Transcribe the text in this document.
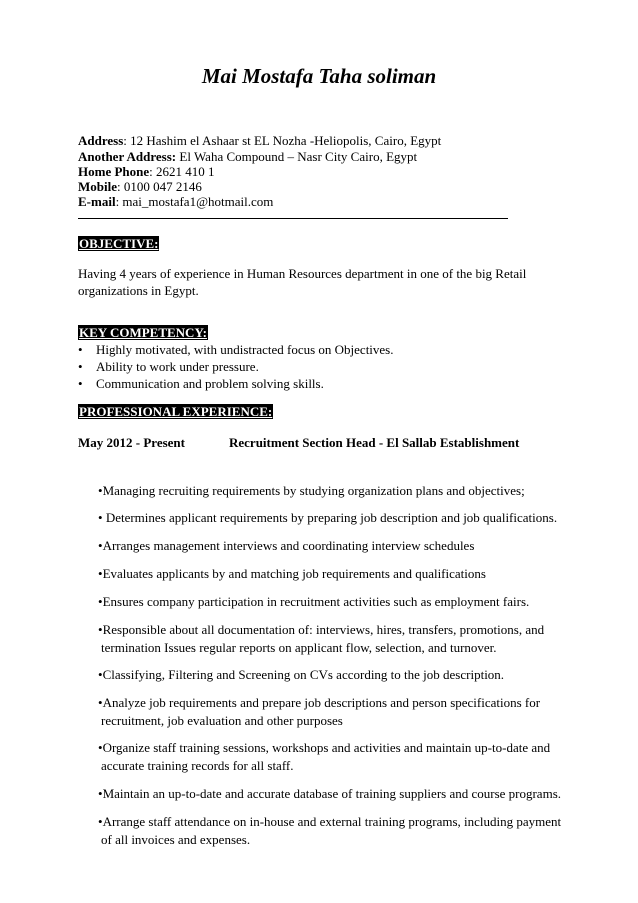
Mai Mostafa Taha soliman
Address: 12 Hashim el Ashaar st EL Nozha -Heliopolis, Cairo, Egypt
Another Address: El Waha Compound – Nasr City Cairo, Egypt
Home Phone: 2621 410 1
Mobile: 0100 047 2146
E-mail: mai_mostafa1@hotmail.com
OBJECTIVE:
Having 4 years of experience in Human Resources department in one of the big Retail
organizations in Egypt.
KEY COMPETENCY:
• Highly motivated, with undistracted focus on Objectives.
• Ability to work under pressure.
• Communication and problem solving skills.
PROFESSIONAL EXPERIENCE:
May 2012 - Present	Recruitment Section Head - El Sallab Establishment
•Managing recruiting requirements by studying organization plans and objectives;
• Determines applicant requirements by preparing job description and job qualifications.
•Arranges management interviews and coordinating interview schedules
•Evaluates applicants by and matching job requirements and qualifications
•Ensures company participation in recruitment activities such as employment fairs.
•Responsible about all documentation of: interviews, hires, transfers, promotions, and
termination Issues regular reports on applicant flow, selection, and turnover.
•Classifying, Filtering and Screening on CVs according to the job description.
•Analyze job requirements and prepare job descriptions and person specifications for
recruitment, job evaluation and other purposes
•Organize staff training sessions, workshops and activities and maintain up-to-date and
accurate training records for all staff.
•Maintain an up-to-date and accurate database of training suppliers and course programs.
•Arrange staff attendance on in-house and external training programs, including payment
of all invoices and expenses.
